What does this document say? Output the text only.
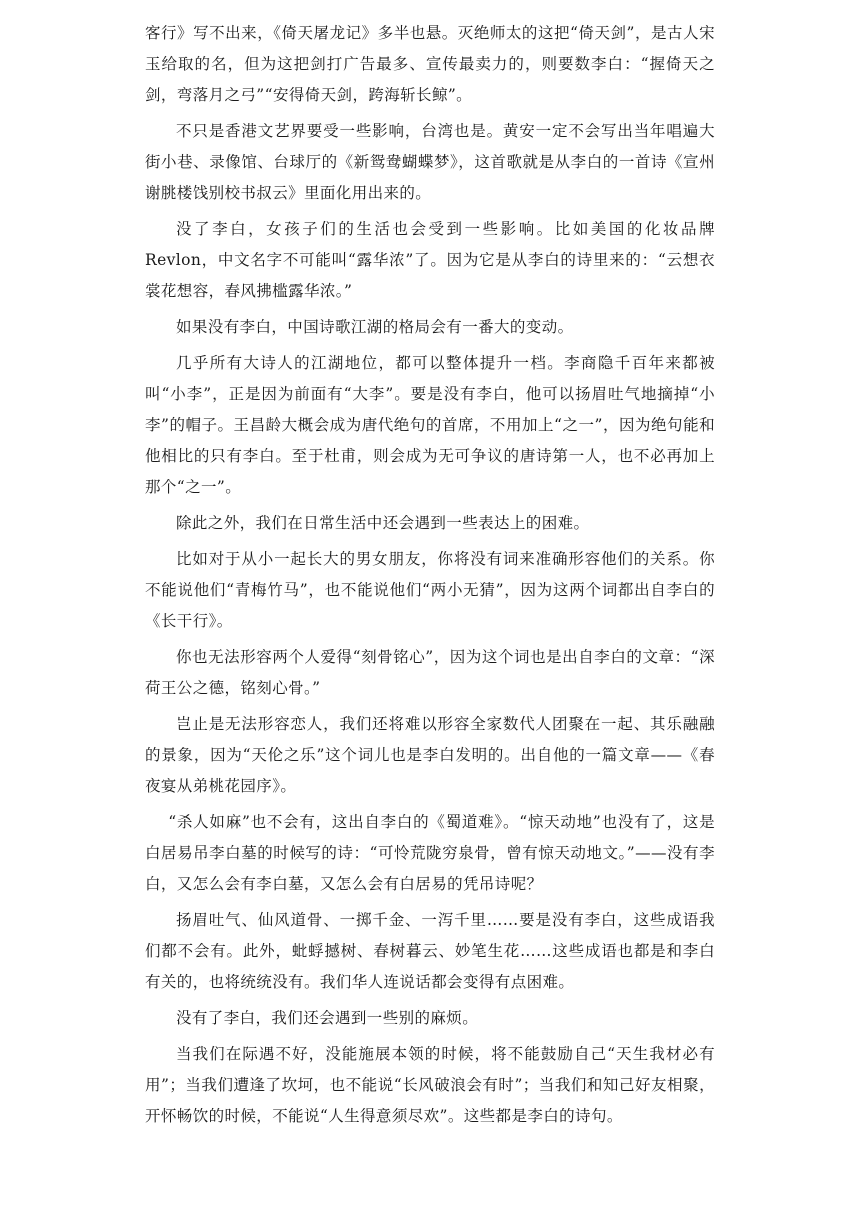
客行》写不出来，《倚天屠龙记》多半也悬。灭绝师太的这把“倚天剑”，是古人宋玉给取的名，但为这把剑打广告最多、宣传最卖力的，则要数李白：“握倚天之剑，弯落月之弓”“安得倚天剑，跨海斩长鲸”。

不只是香港文艺界要受一些影响，台湾也是。黄安一定不会写出当年唱遍大街小巷、录像馆、台球厅的《新鸳鸯蝴蝶梦》，这首歌就是从李白的一首诗《宣州谢朓楼饯别校书叔云》里面化用出来的。

没了李白，女孩子们的生活也会受到一些影响。比如美国的化妆品牌Revlon，中文名字不可能叫“露华浓”了。因为它是从李白的诗里来的：“云想衣裳花想容，春风拂槛露华浓。”

如果没有李白，中国诗歌江湖的格局会有一番大的变动。

几乎所有大诗人的江湖地位，都可以整体提升一档。李商隐千百年来都被叫“小李”，正是因为前面有“大李”。要是没有李白，他可以扬眉吐气地摘掉“小李”的帽子。王昌龄大概会成为唐代绝句的首席，不用加上“之一”，因为绝句能和他相比的只有李白。至于杜甫，则会成为无可争议的唐诗第一人，也不必再加上那个“之一”。

除此之外，我们在日常生活中还会遇到一些表达上的困难。

比如对于从小一起长大的男女朋友，你将没有词来准确形容他们的关系。你不能说他们“青梅竹马”，也不能说他们“两小无猜”，因为这两个词都出自李白的《长干行》。

你也无法形容两个人爱得“刻骨铭心”，因为这个词也是出自李白的文章：“深荷王公之德，铭刻心骨。”

岂止是无法形容恋人，我们还将难以形容全家数代人团聚在一起、其乐融融的景象，因为“天伦之乐”这个词儿也是李白发明的。出自他的一篇文章——《春夜宴从弟桃花园序》。

“杀人如麻”也不会有，这出自李白的《蜀道难》。“惊天动地”也没有了，这是白居易吊李白墓的时候写的诗：“可怜荒陇穷泉骨，曾有惊天动地文。”——没有李白，又怎么会有李白墓，又怎么会有白居易的凭吊诗呢？

扬眉吐气、仙风道骨、一掷千金、一泻千里……要是没有李白，这些成语我们都不会有。此外，蚍蜉撼树、春树暮云、妙笔生花……这些成语也都是和李白有关的，也将统统没有。我们华人连说话都会变得有点困难。

没有了李白，我们还会遇到一些别的麻烦。

当我们在际遇不好，没能施展本领的时候，将不能鼓励自己“天生我材必有用”；当我们遭逢了坎坷，也不能说“长风破浪会有时”；当我们和知己好友相聚，开怀畅饮的时候，不能说“人生得意须尽欢”。这些都是李白的诗句。
